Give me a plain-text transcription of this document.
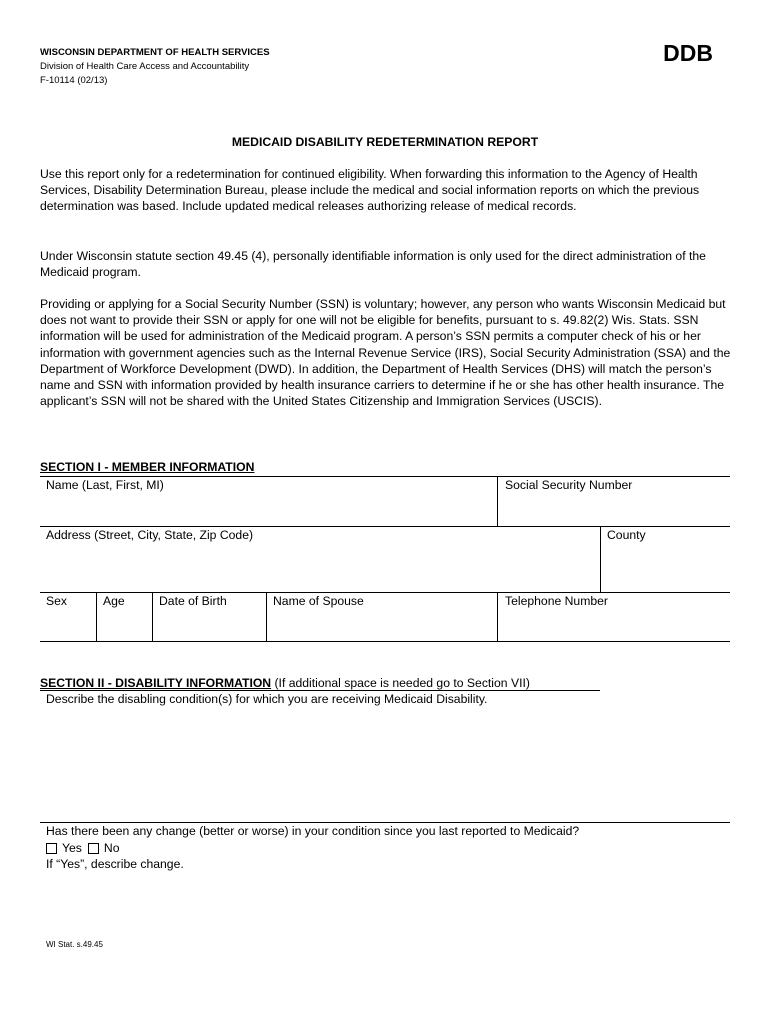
WISCONSIN DEPARTMENT OF HEALTH SERVICES
Division of Health Care Access and Accountability
F-10114 (02/13)
DDB
MEDICAID DISABILITY REDETERMINATION REPORT
Use this report only for a redetermination for continued eligibility. When forwarding this information to the Agency of Health Services, Disability Determination Bureau, please include the medical and social information reports on which the previous determination was based. Include updated medical releases authorizing release of medical records.
Under Wisconsin statute section 49.45 (4), personally identifiable information is only used for the direct administration of the Medicaid program.
Providing or applying for a Social Security Number (SSN) is voluntary; however, any person who wants Wisconsin Medicaid but does not want to provide their SSN or apply for one will not be eligible for benefits, pursuant to s. 49.82(2) Wis. Stats. SSN information will be used for administration of the Medicaid program. A person’s SSN permits a computer check of his or her information with government agencies such as the Internal Revenue Service (IRS), Social Security Administration (SSA) and the Department of Workforce Development (DWD). In addition, the Department of Health Services (DHS) will match the person’s name and SSN with information provided by health insurance carriers to determine if he or she has other health insurance. The applicant’s SSN will not be shared with the United States Citizenship and Immigration Services (USCIS).
SECTION I - MEMBER INFORMATION
Name (Last, First, MI)	Social Security Number
Address (Street, City, State, Zip Code)	County
Sex	Age	Date of Birth	Name of Spouse	Telephone Number
SECTION II - DISABILITY INFORMATION (If additional space is needed go to Section VII)
Describe the disabling condition(s) for which you are receiving Medicaid Disability.
Has there been any change (better or worse) in your condition since you last reported to Medicaid?
Yes No
If “Yes”, describe change.
WI Stat. s.49.45
